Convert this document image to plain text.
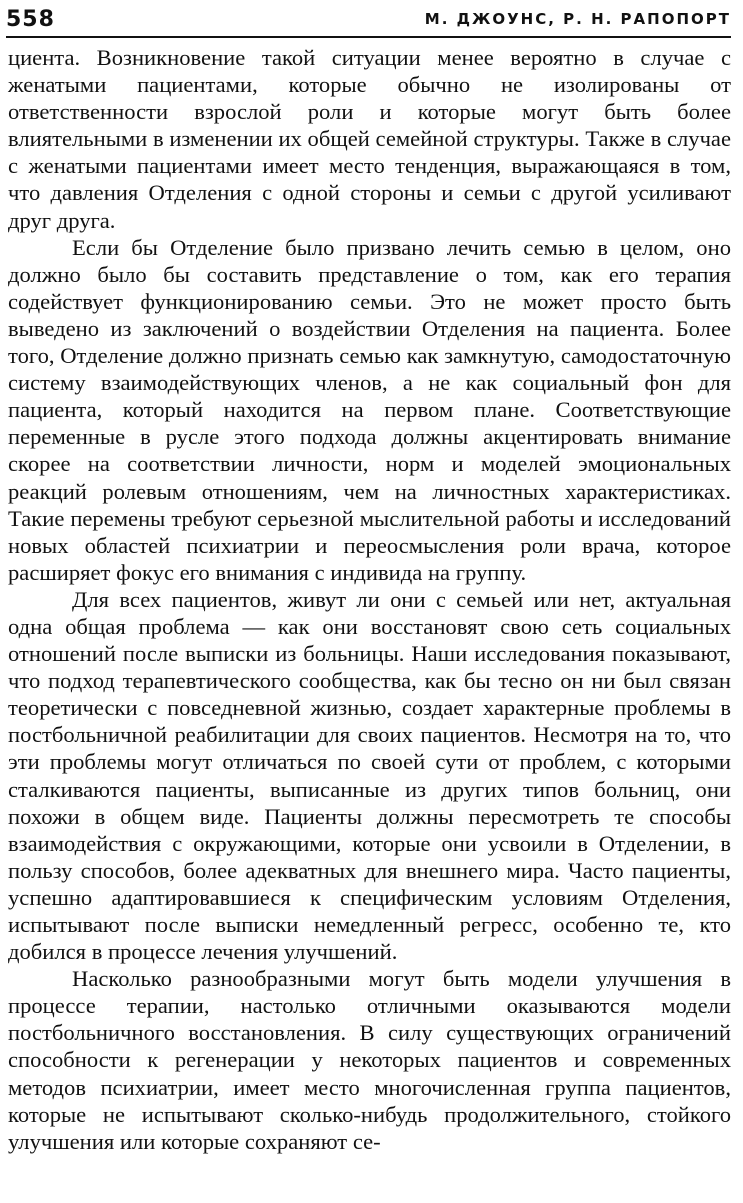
558	М. ДЖОУНС, Р. Н. РАПОПОРТ

циента. Возникновение такой ситуации менее вероятно в случае с женатыми пациентами, которые обычно не изолированы от ответственности взрослой роли и которые могут быть более влиятельными в изменении их общей семейной структуры. Также в случае с женатыми пациентами имеет место тенденция, выражающаяся в том, что давления Отделения с одной стороны и семьи с другой усиливают друг друга.

Если бы Отделение было призвано лечить семью в целом, оно должно было бы составить представление о том, как его терапия содействует функционированию семьи. Это не может просто быть выведено из заключений о воздействии Отделения на пациента. Более того, Отделение должно признать семью как замкнутую, самодостаточную систему взаимодействующих членов, а не как социальный фон для пациента, который находится на первом плане. Соответствующие переменные в русле этого подхода должны акцентировать внимание скорее на соответствии личности, норм и моделей эмоциональных реакций ролевым отношениям, чем на личностных характеристиках. Такие перемены требуют серьезной мыслительной работы и исследований новых областей психиатрии и переосмысления роли врача, которое расширяет фокус его внимания с индивида на группу.

Для всех пациентов, живут ли они с семьей или нет, актуальная одна общая проблема — как они восстановят свою сеть социальных отношений после выписки из больницы. Наши исследования показывают, что подход терапевтического сообщества, как бы тесно он ни был связан теоретически с повседневной жизнью, создает характерные проблемы в постбольничной реабилитации для своих пациентов. Несмотря на то, что эти проблемы могут отличаться по своей сути от проблем, с которыми сталкиваются пациенты, выписанные из других типов больниц, они похожи в общем виде. Пациенты должны пересмотреть те способы взаимодействия с окружающими, которые они усвоили в Отделении, в пользу способов, более адекватных для внешнего мира. Часто пациенты, успешно адаптировавшиеся к специфическим условиям Отделения, испытывают после выписки немедленный регресс, особенно те, кто добился в процессе лечения улучшений.

Насколько разнообразными могут быть модели улучшения в процессе терапии, настолько отличными оказываются модели постбольничного восстановления. В силу существующих ограничений способности к регенерации у некоторых пациентов и современных методов психиатрии, имеет место многочисленная группа пациентов, которые не испытывают сколько-нибудь продолжительного, стойкого улучшения или которые сохраняют се-
